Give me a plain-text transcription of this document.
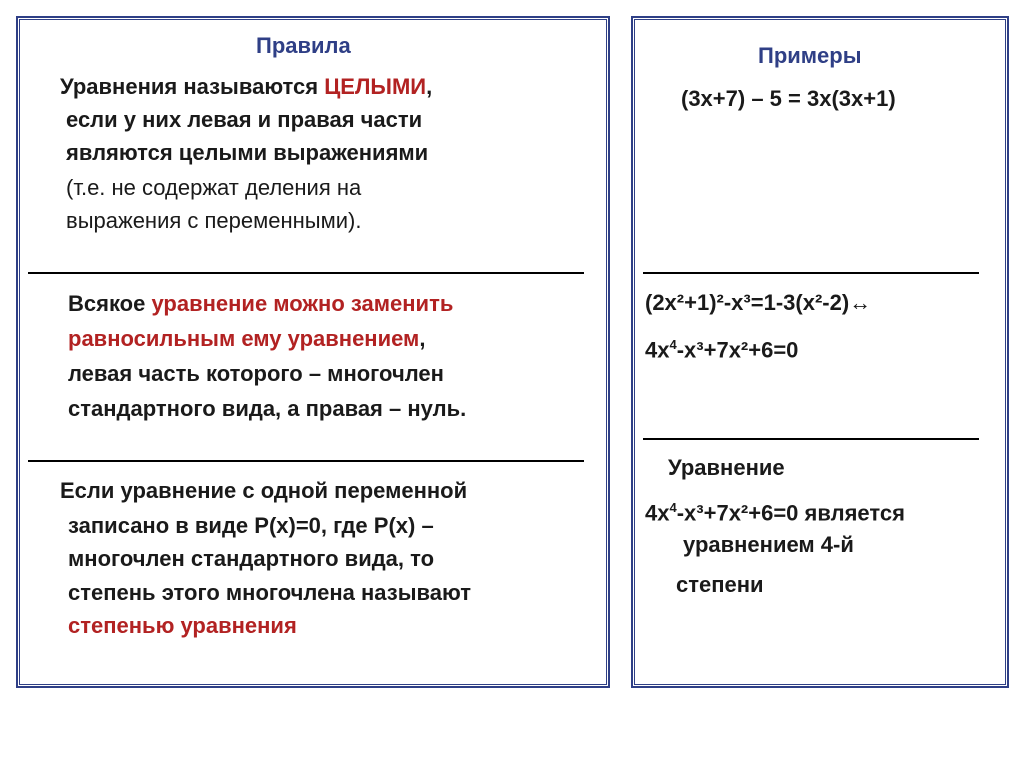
Правила
Уравнения называются ЦЕЛЫМИ,
если у них левая и правая части
являются целыми выражениями
(т.е. не содержат деления на
выражения с переменными).
Всякое уравнение можно заменить
равносильным ему уравнением,
левая часть которого – многочлен
стандартного вида, а правая – нуль.
Если уравнение с одной переменной
записано в виде P(x)=0, где P(x) –
многочлен стандартного вида, то
степень этого многочлена называют
степенью уравнения
Примеры
(3x+7) – 5 = 3x(3x+1)
(2x²+1)²-x³=1-3(x²-2)↔
$4x^4-x^3+7x^2+6=0$
Уравнение
$4x^4-x^3+7x^2+6=0$ является
уравнением 4-й
степени
